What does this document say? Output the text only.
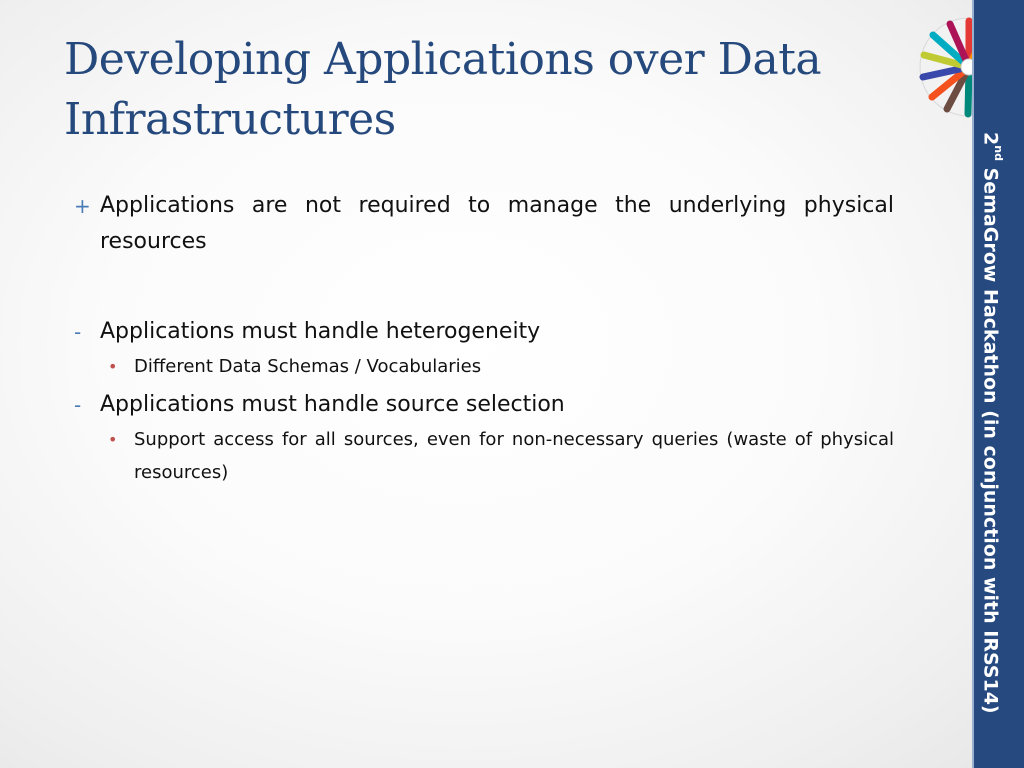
Developing Applications over Data Infrastructures
+ Applications are not required to manage the underlying physical resources
- Applications must handle heterogeneity
• Different Data Schemas / Vocabularies
- Applications must handle source selection
• Support access for all sources, even for non-necessary queries (waste of physical resources)
2nd SemaGrow Hackathon (in conjunction with IRSS14)
